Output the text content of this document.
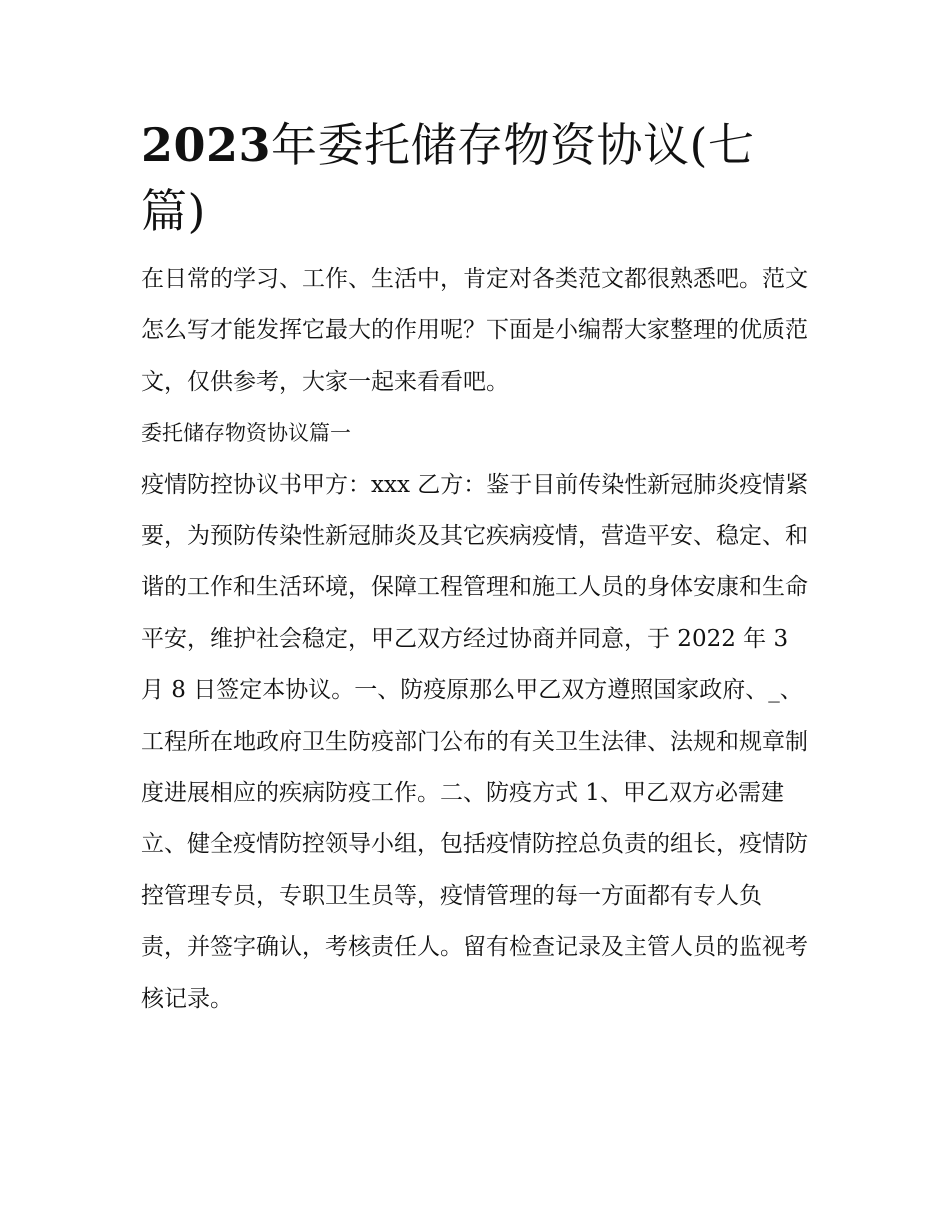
2023年委托储存物资协议(七篇)

在日常的学习、工作、生活中，肯定对各类范文都很熟悉吧。范文怎么写才能发挥它最大的作用呢？下面是小编帮大家整理的优质范文，仅供参考，大家一起来看看吧。

委托储存物资协议篇一

疫情防控协议书甲方：xxx 乙方：鉴于目前传染性新冠肺炎疫情紧要，为预防传染性新冠肺炎及其它疾病疫情，营造平安、稳定、和谐的工作和生活环境，保障工程管理和施工人员的身体安康和生命平安，维护社会稳定，甲乙双方经过协商并同意，于 2022 年 3 月 8 日签定本协议。一、防疫原那么甲乙双方遵照国家政府、_、工程所在地政府卫生防疫部门公布的有关卫生法律、法规和规章制度进展相应的疾病防疫工作。二、防疫方式 1、甲乙双方必需建立、健全疫情防控领导小组，包括疫情防控总负责的组长，疫情防控管理专员，专职卫生员等，疫情管理的每一方面都有专人负

责，并签字确认，考核责任人。留有检查记录及主管人员的监视考核记录。
